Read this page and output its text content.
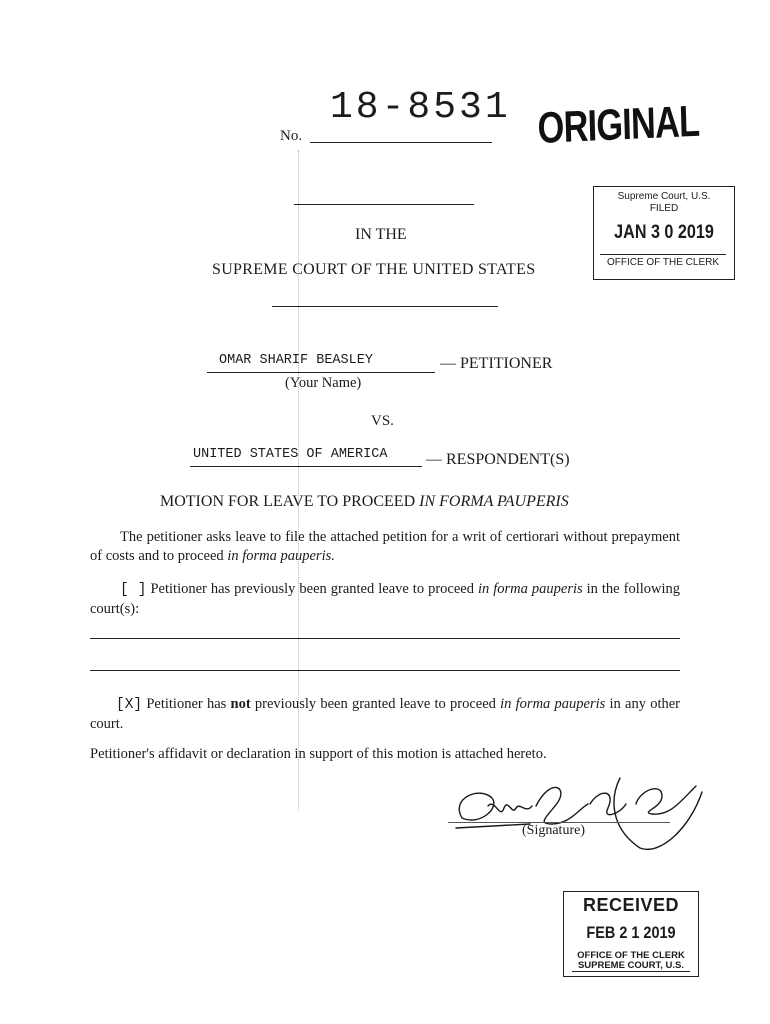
No.
18-8531 ORIGINAL
Supreme Court, U.S.
FILED
JAN 3 0 2019
OFFICE OF THE CLERK
IN THE
SUPREME COURT OF THE UNITED STATES
OMAR SHARIF BEASLEY	— PETITIONER
(Your Name)
VS.
UNITED STATES OF AMERICA — RESPONDENT(S)
MOTION FOR LEAVE TO PROCEED IN FORMA PAUPERIS

The petitioner asks leave to file the attached petition for a writ of certiorari without prepayment of costs and to proceed in forma pauperis.

[ ] Petitioner has previously been granted leave to proceed in forma pauperis in the following court(s):

[X] Petitioner has not previously been granted leave to proceed in forma pauperis in any other court.

Petitioner's affidavit or declaration in support of this motion is attached hereto.
(Signature)
RECEIVED
FEB 2 1 2019
OFFICE OF THE CLERK
SUPREME COURT, U.S.
